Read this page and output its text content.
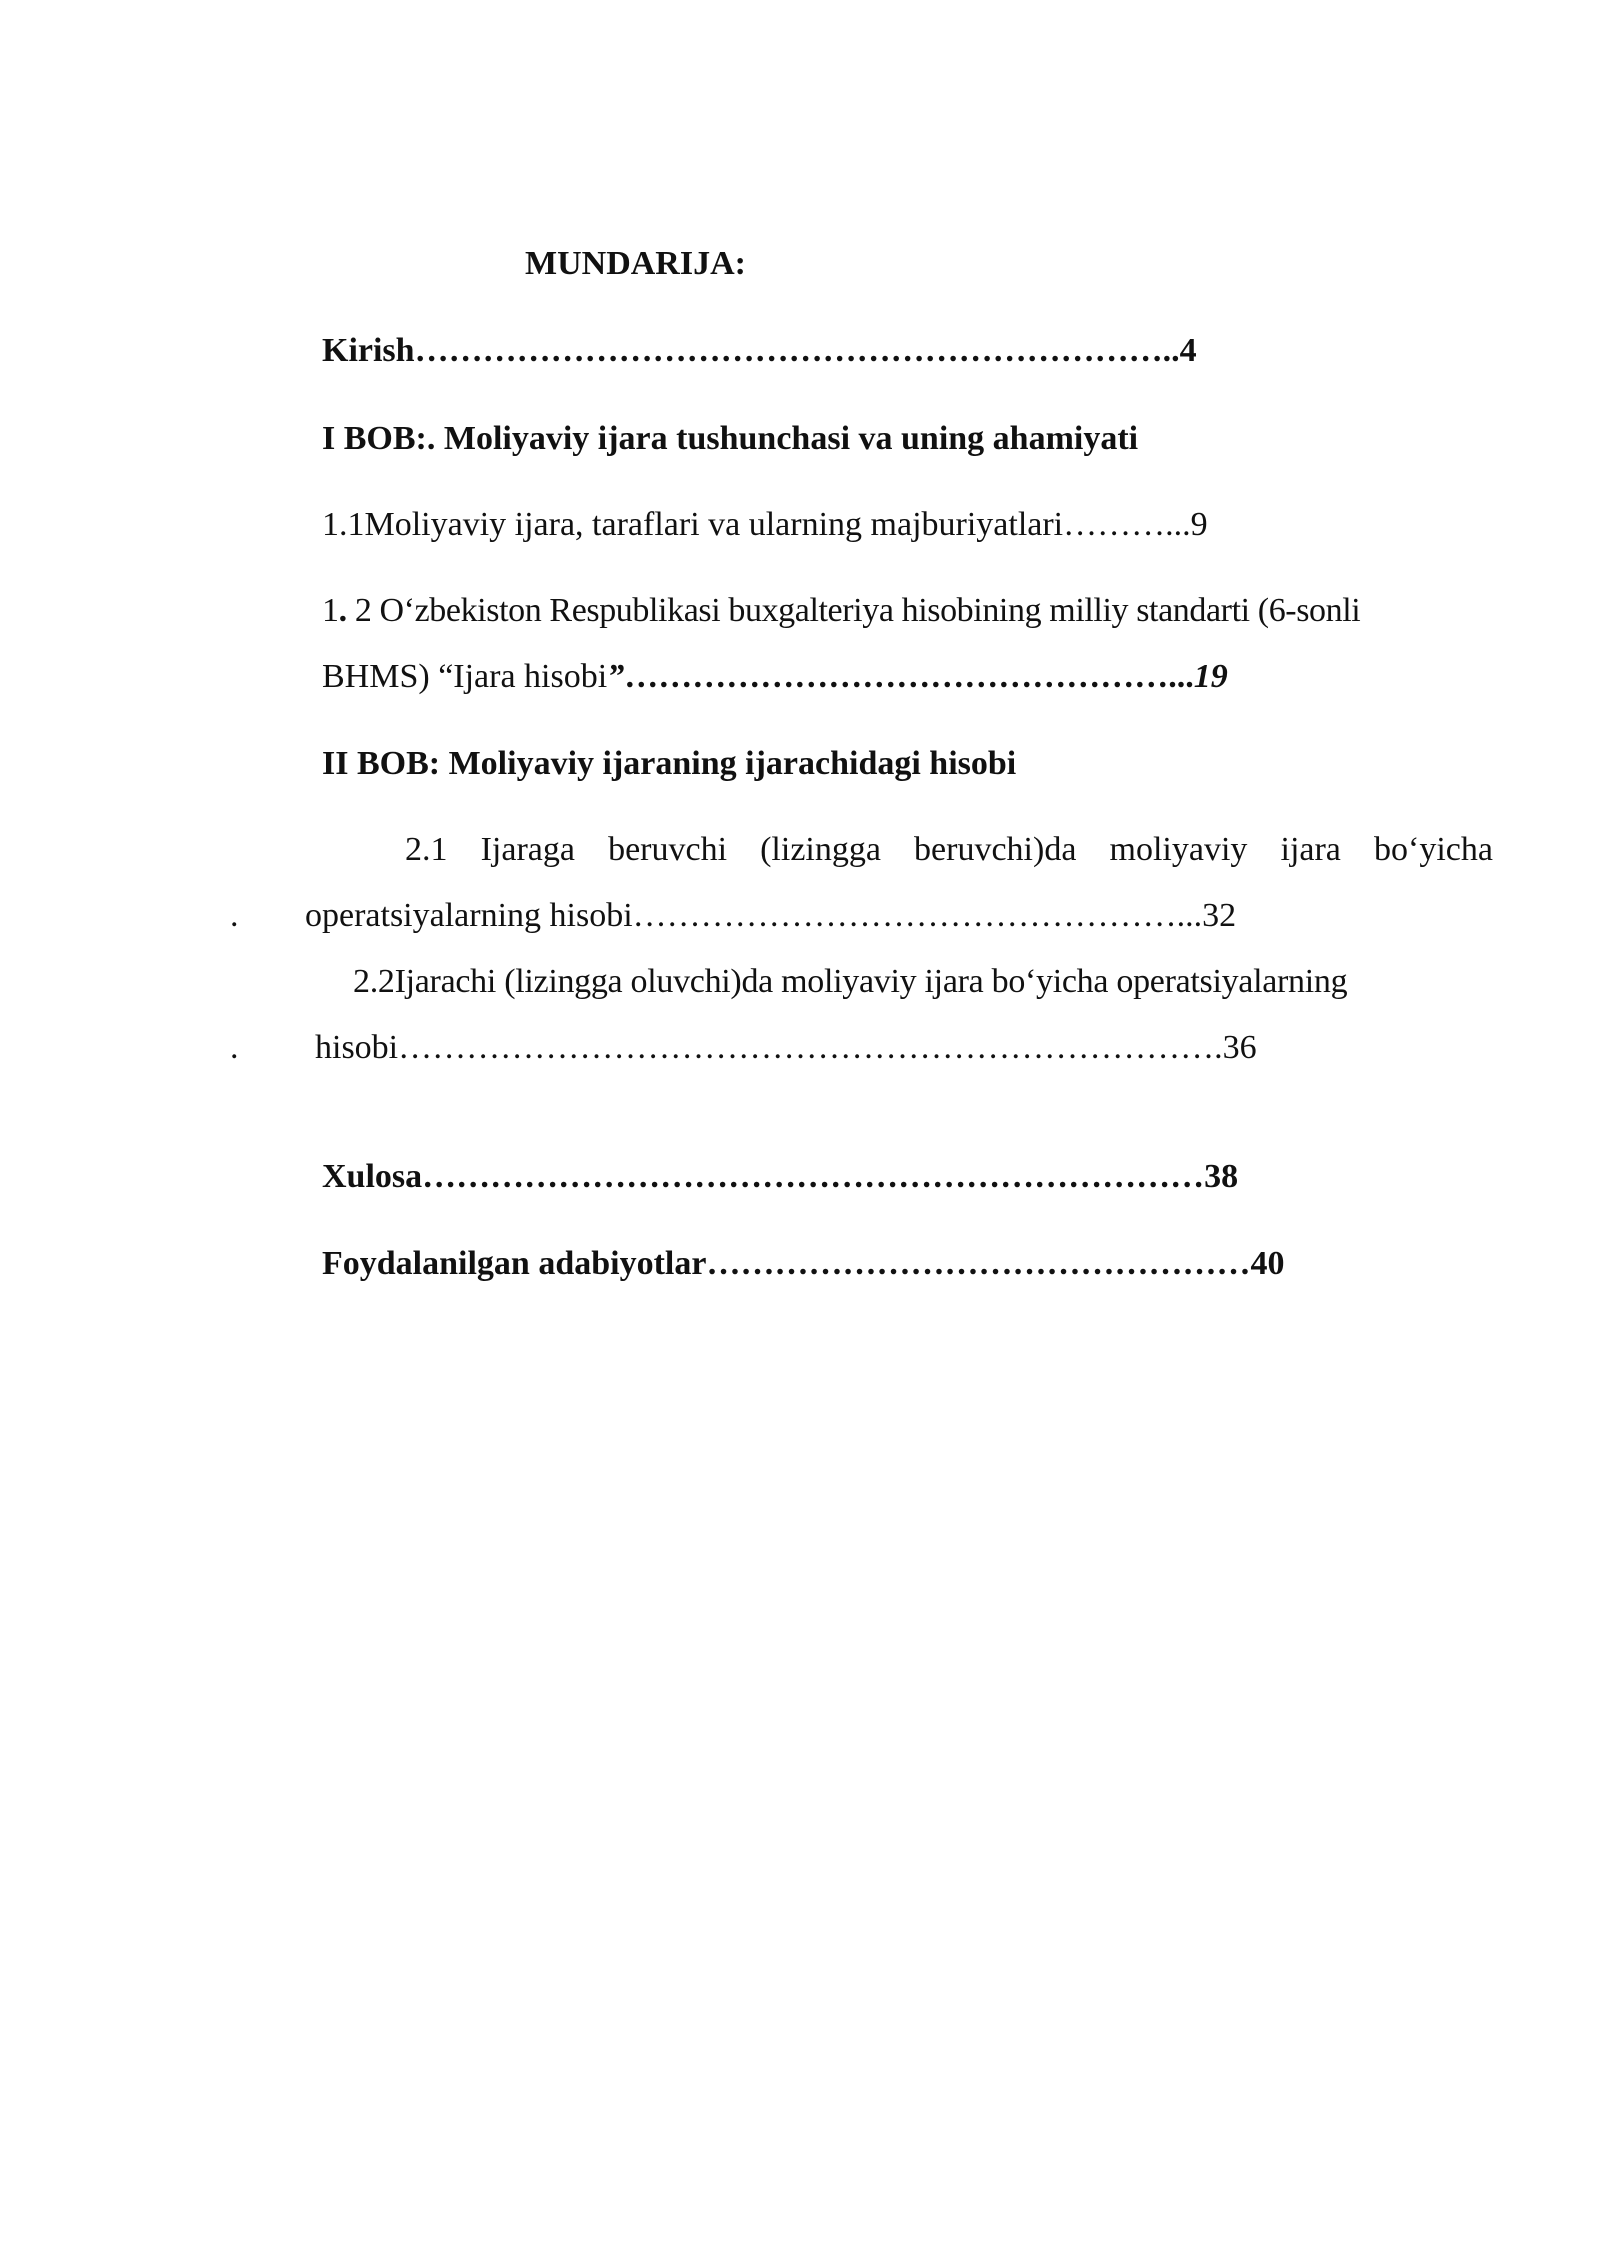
MUNDARIJA:
Kirish…………………………………………………………..4
I BOB:. Moliyaviy ijara tushunchasi va uning ahamiyati
1.1Moliyaviy ijara, taraflari va ularning majburiyatlari………...9
1. 2 O‘zbekiston Respublikasi buxgalteriya hisobining milliy standarti (6-sonli
BHMS) “Ijara hisobi”…………………………………………...19
II BOB: Moliyaviy ijaraning ijarachidagi hisobi
2.1 Ijaraga beruvchi (lizingga beruvchi)da moliyaviy ijara bo‘yicha
. operatsiyalarning hisobi…………………………………………...32
2.2Ijarachi (lizingga oluvchi)da moliyaviy ijara bo‘yicha operatsiyalarning
. hisobi……………………………………………………………….36
Xulosa……………………………………………………………38
Foydalanilgan adabiyotlar…………………………………………40
